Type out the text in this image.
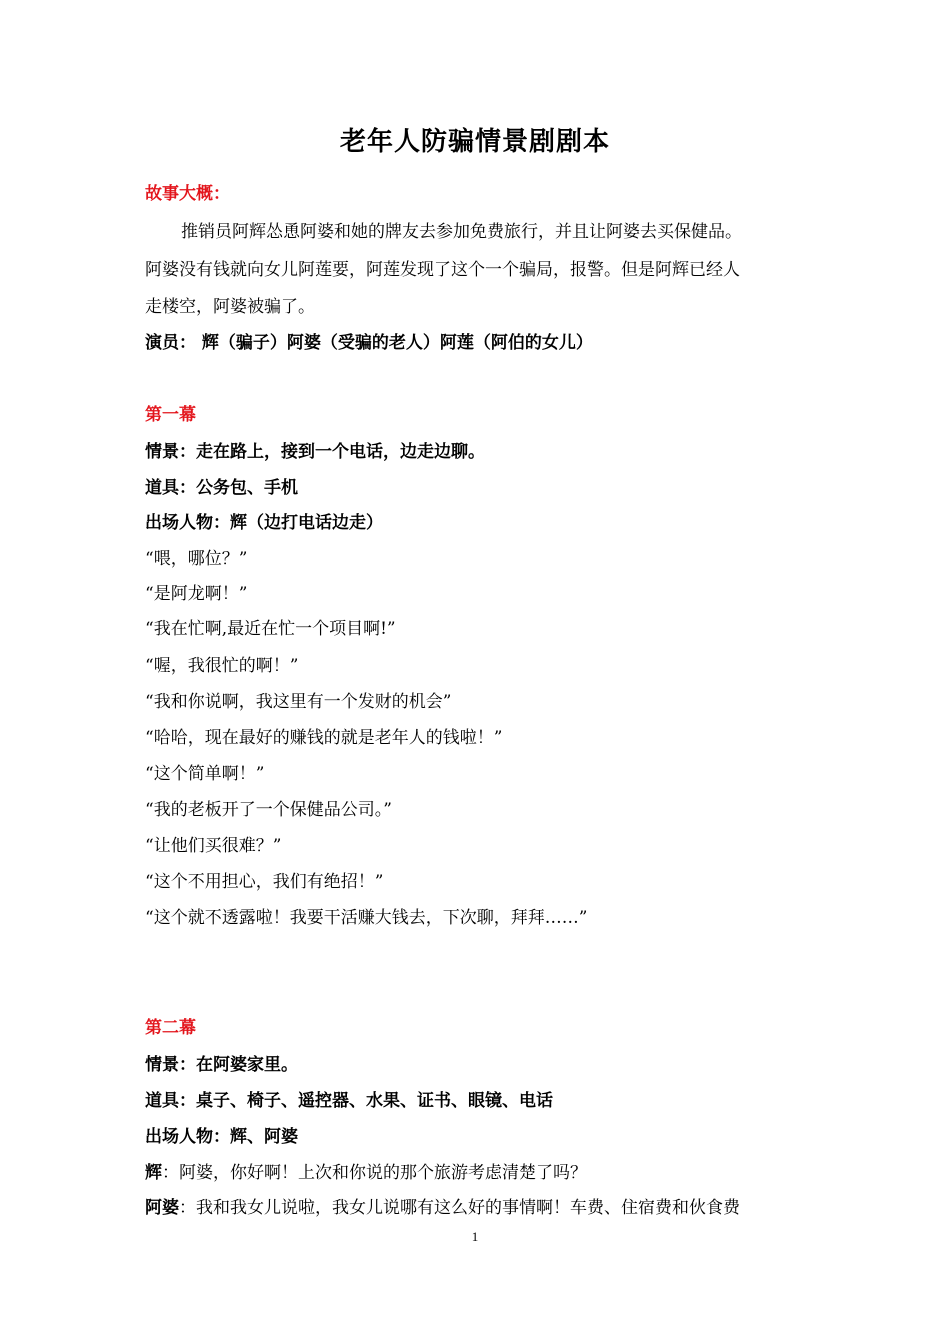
老年人防骗情景剧剧本
故事大概：
推销员阿辉怂恿阿婆和她的牌友去参加免费旅行，并且让阿婆去买保健品。
阿婆没有钱就向女儿阿莲要，阿莲发现了这个一个骗局，报警。但是阿辉已经人
走楼空，阿婆被骗了。
演员： 辉（骗子）阿婆（受骗的老人）阿莲（阿伯的女儿）
第一幕
情景：走在路上，接到一个电话，边走边聊。
道具：公务包、手机
出场人物：辉（边打电话边走）
“喂，哪位？”
“是阿龙啊！”
“我在忙啊,最近在忙一个项目啊!”
“喔，我很忙的啊！”
“我和你说啊，我这里有一个发财的机会”
“哈哈，现在最好的赚钱的就是老年人的钱啦！”
“这个简单啊！”
“我的老板开了一个保健品公司。”
“让他们买很难？”
“这个不用担心，我们有绝招！”
“这个就不透露啦！我要干活赚大钱去，下次聊，拜拜……”
第二幕
情景：在阿婆家里。
道具：桌子、椅子、遥控器、水果、证书、眼镜、电话
出场人物：辉、阿婆
辉：阿婆，你好啊！上次和你说的那个旅游考虑清楚了吗？
阿婆：我和我女儿说啦，我女儿说哪有这么好的事情啊！车费、住宿费和伙食费
1
